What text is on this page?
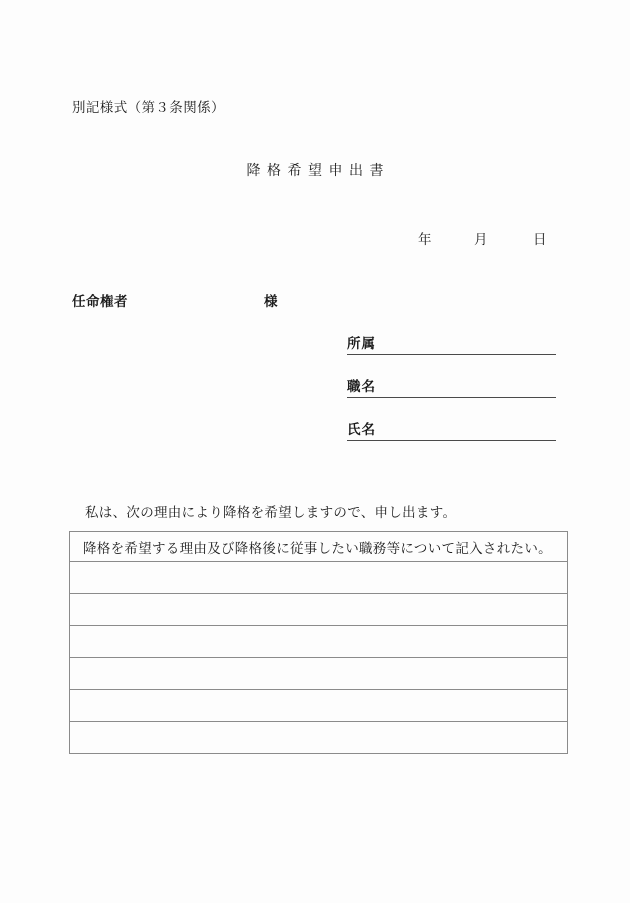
別記様式（第３条関係）
降格希望申出書
年	月	日
任命権者	様
所属
職名
氏名
私は、次の理由により降格を希望しますので、申し出ます。
降格を希望する理由及び降格後に従事したい職務等について記入されたい。
